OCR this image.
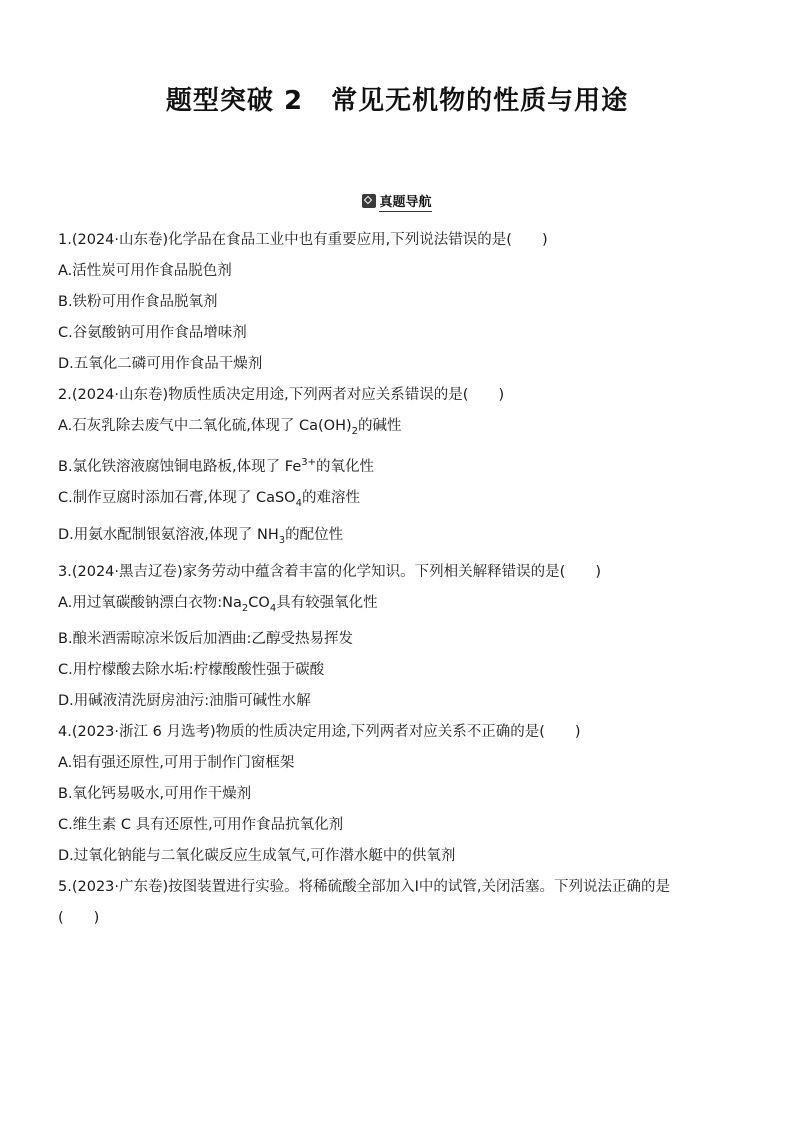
题型突破 2 常见无机物的性质与用途
真题导航
1.(2024·山东卷)化学品在食品工业中也有重要应用,下列说法错误的是( )
A.活性炭可用作食品脱色剂
B.铁粉可用作食品脱氧剂
C.谷氨酸钠可用作食品增味剂
D.五氧化二磷可用作食品干燥剂
2.(2024·山东卷)物质性质决定用途,下列两者对应关系错误的是( )
A.石灰乳除去废气中二氧化硫,体现了 $Ca(OH)_2$的碱性
B.氯化铁溶液腐蚀铜电路板,体现了 $Fe^{3+}$的氧化性
C.制作豆腐时添加石膏,体现了 CaSO$_4$的难溶性
D.用氨水配制银氨溶液,体现了 $NH_3$的配位性
3.(2024·黑吉辽卷)家务劳动中蕴含着丰富的化学知识。下列相关解释错误的是( )
A.用过氧碳酸钠漂白衣物$:Na_2CO_4$具有较强氧化性
B.酿米酒需晾凉米饭后加酒曲:乙醇受热易挥发
C.用柠檬酸去除水垢:柠檬酸酸性强于碳酸
D.用碱液清洗厨房油污:油脂可碱性水解
4.(2023·浙江 6 月选考)物质的性质决定用途,下列两者对应关系不正确的是( )
A.铝有强还原性,可用于制作门窗框架
B.氧化钙易吸水,可用作干燥剂
C.维生素 C 具有还原性,可用作食品抗氧化剂
D.过氧化钠能与二氧化碳反应生成氧气,可作潜水艇中的供氧剂
5.(2023·广东卷)按图装置进行实验。将稀硫酸全部加入Ⅰ中的试管,关闭活塞。下列说法正确的是
( )
